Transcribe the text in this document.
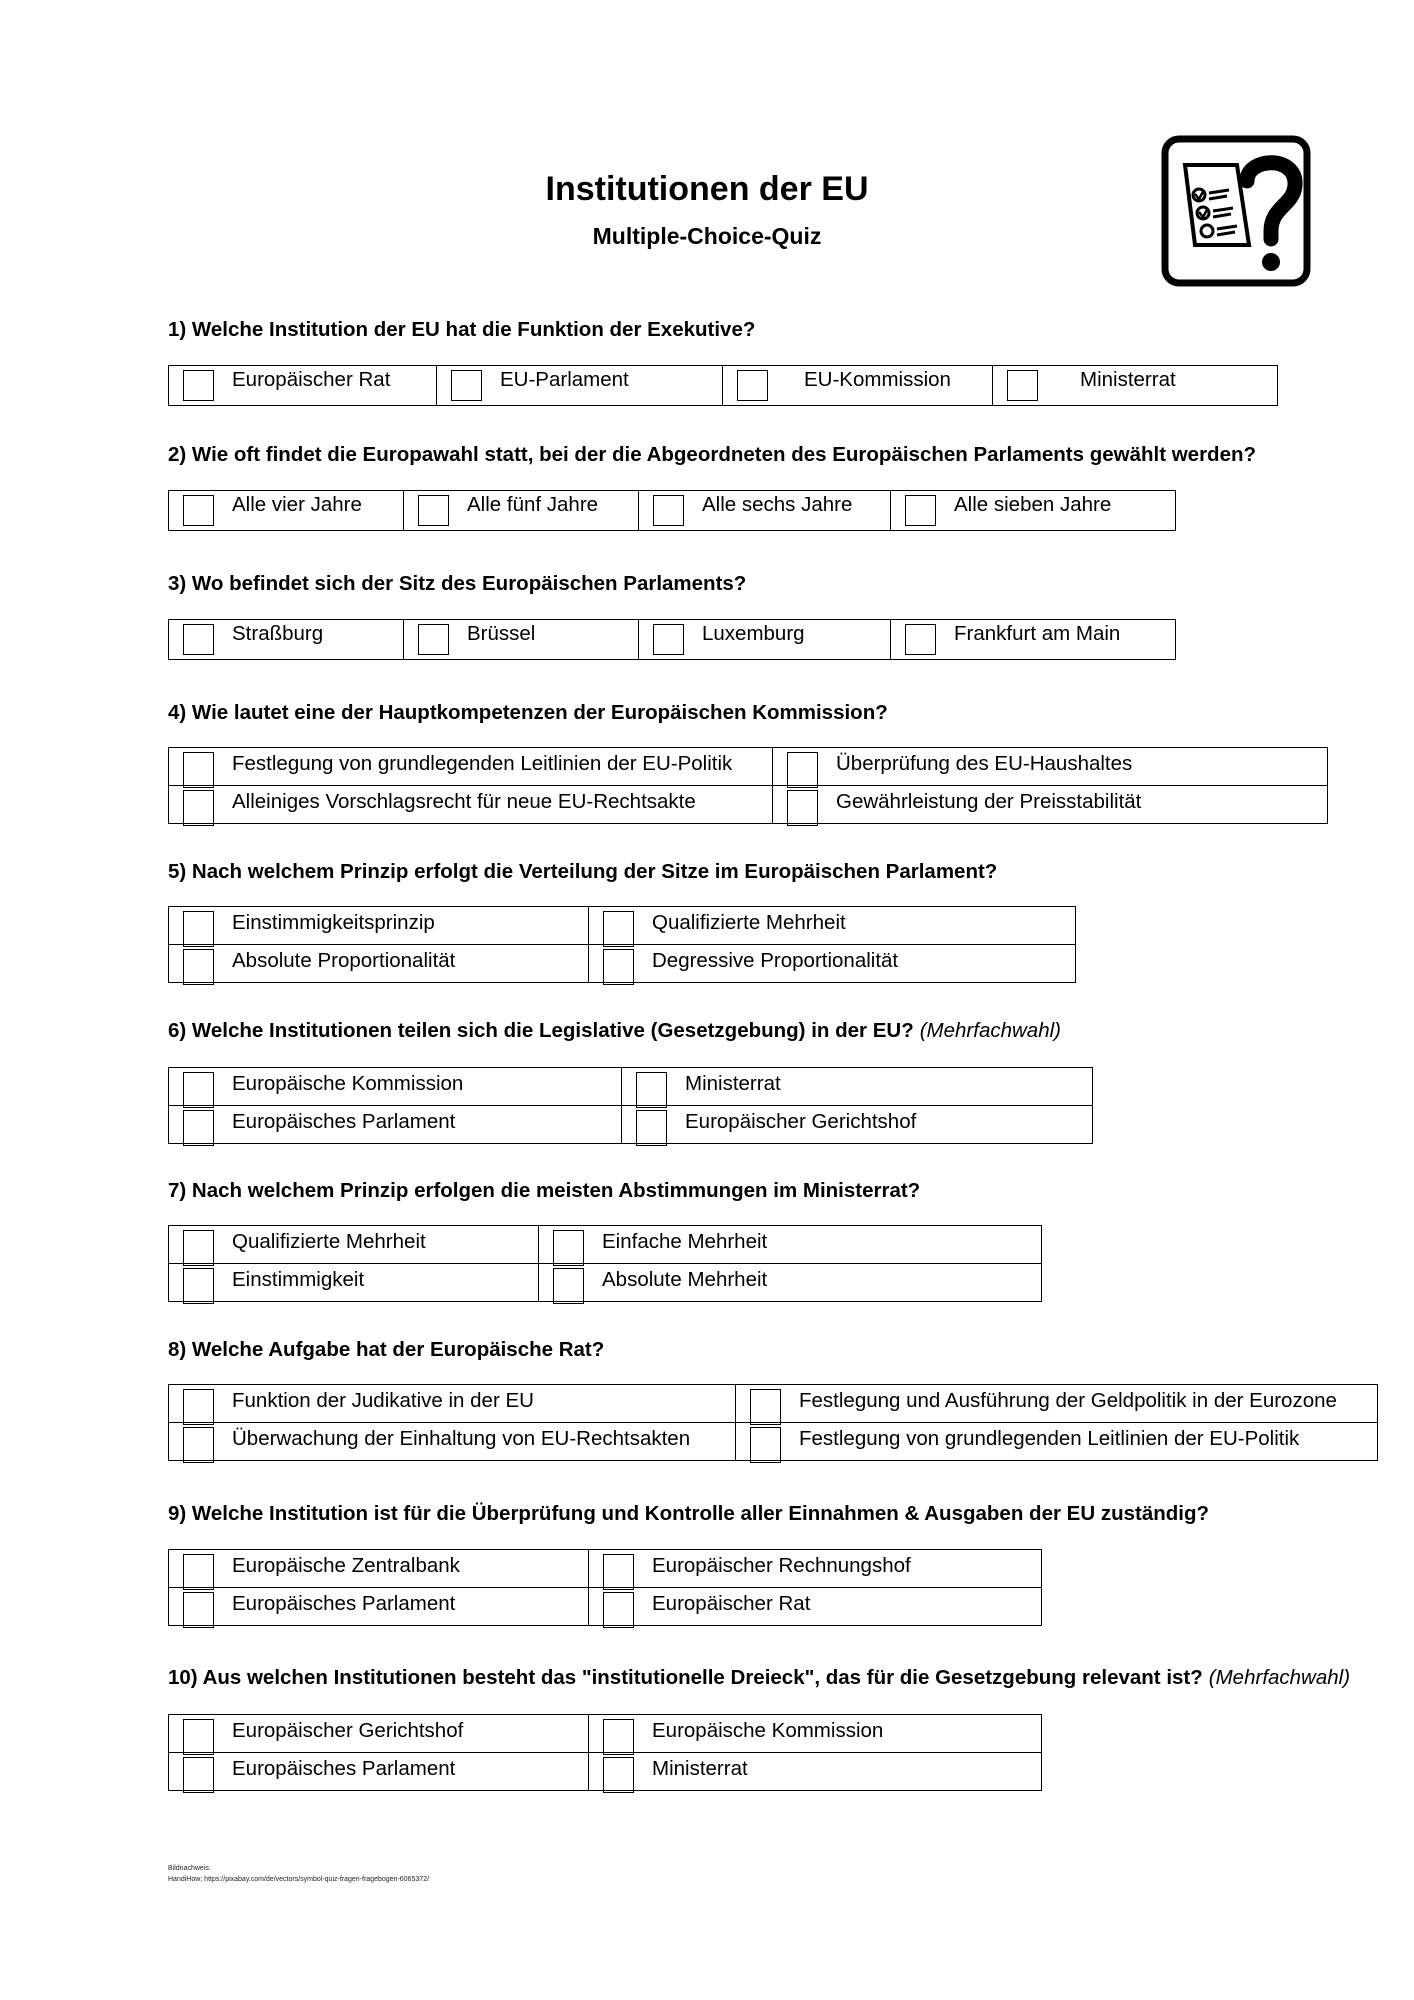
Institutionen der EU
Multiple-Choice-Quiz
1) Welche Institution der EU hat die Funktion der Exekutive?
Europäischer Rat	EU-Parlament	EU-Kommission	Ministerrat
2) Wie oft findet die Europawahl statt, bei der die Abgeordneten des Europäischen Parlaments gewählt werden?
Alle vier Jahre	Alle fünf Jahre	Alle sechs Jahre	Alle sieben Jahre
3) Wo befindet sich der Sitz des Europäischen Parlaments?
Straßburg	Brüssel	Luxemburg	Frankfurt am Main
4) Wie lautet eine der Hauptkompetenzen der Europäischen Kommission?
Festlegung von grundlegenden Leitlinien der EU-Politik	Überprüfung des EU-Haushaltes

Alleiniges Vorschlagsrecht für neue EU-Rechtsakte	Gewährleistung der Preisstabilität
5) Nach welchem Prinzip erfolgt die Verteilung der Sitze im Europäischen Parlament?
Einstimmigkeitsprinzip	Qualifizierte Mehrheit

Absolute Proportionalität	Degressive Proportionalität
6) Welche Institutionen teilen sich die Legislative (Gesetzgebung) in der EU? (Mehrfachwahl)
Europäische Kommission	Ministerrat

Europäisches Parlament	Europäischer Gerichtshof
7) Nach welchem Prinzip erfolgen die meisten Abstimmungen im Ministerrat?
Qualifizierte Mehrheit	Einfache Mehrheit

Einstimmigkeit	Absolute Mehrheit
8) Welche Aufgabe hat der Europäische Rat?
Funktion der Judikative in der EU	Festlegung und Ausführung der Geldpolitik in der Eurozone

Überwachung der Einhaltung von EU-Rechtsakten	Festlegung von grundlegenden Leitlinien der EU-Politik
9) Welche Institution ist für die Überprüfung und Kontrolle aller Einnahmen & Ausgaben der EU zuständig?
Europäische Zentralbank	Europäischer Rechnungshof

Europäisches Parlament	Europäischer Rat
10) Aus welchen Institutionen besteht das "institutionelle Dreieck", das für die Gesetzgebung relevant ist? (Mehrfachwahl)
Europäischer Gerichtshof	Europäische Kommission

Europäisches Parlament	Ministerrat
Bildnachweis:
HandiHow; https://pixabay.com/de/vectors/symbol-quiz-fragen-fragebogen-6065372/
